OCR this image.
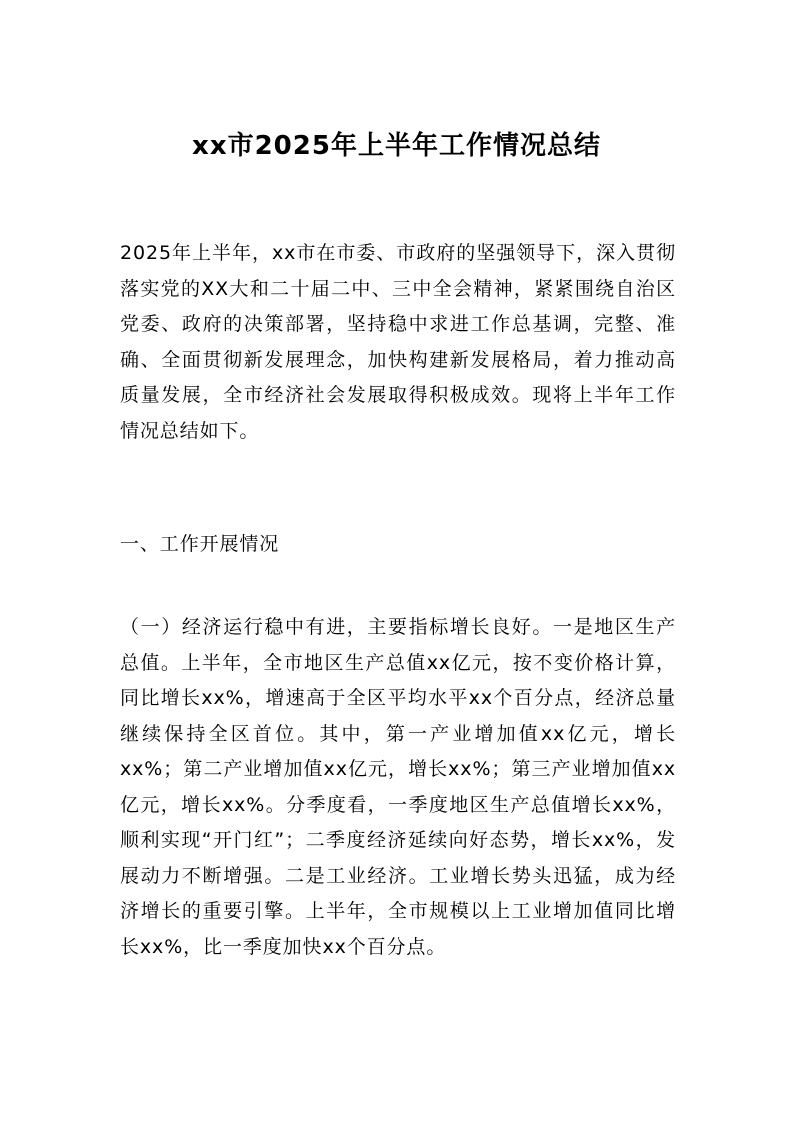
xx市2025年上半年工作情况总结

2025年上半年，xx市在市委、市政府的坚强领导下，深入贯彻落实党的XX大和二十届二中、三中全会精神，紧紧围绕自治区党委、政府的决策部署，坚持稳中求进工作总基调，完整、准确、全面贯彻新发展理念，加快构建新发展格局，着力推动高质量发展，全市经济社会发展取得积极成效。现将上半年工作情况总结如下。

一、工作开展情况

（一）经济运行稳中有进，主要指标增长良好。一是地区生产总值。上半年，全市地区生产总值xx亿元，按不变价格计算，同比增长xx%，增速高于全区平均水平xx个百分点，经济总量继续保持全区首位。其中，第一产业增加值xx亿元，增长xx%；第二产业增加值xx亿元，增长xx%；第三产业增加值xx亿元，增长xx%。分季度看，一季度地区生产总值增长xx%，顺利实现“开门红”；二季度经济延续向好态势，增长xx%，发展动力不断增强。二是工业经济。工业增长势头迅猛，成为经济增长的重要引擎。上半年，全市规模以上工业增加值同比增长xx%，比一季度加快xx个百分点。
